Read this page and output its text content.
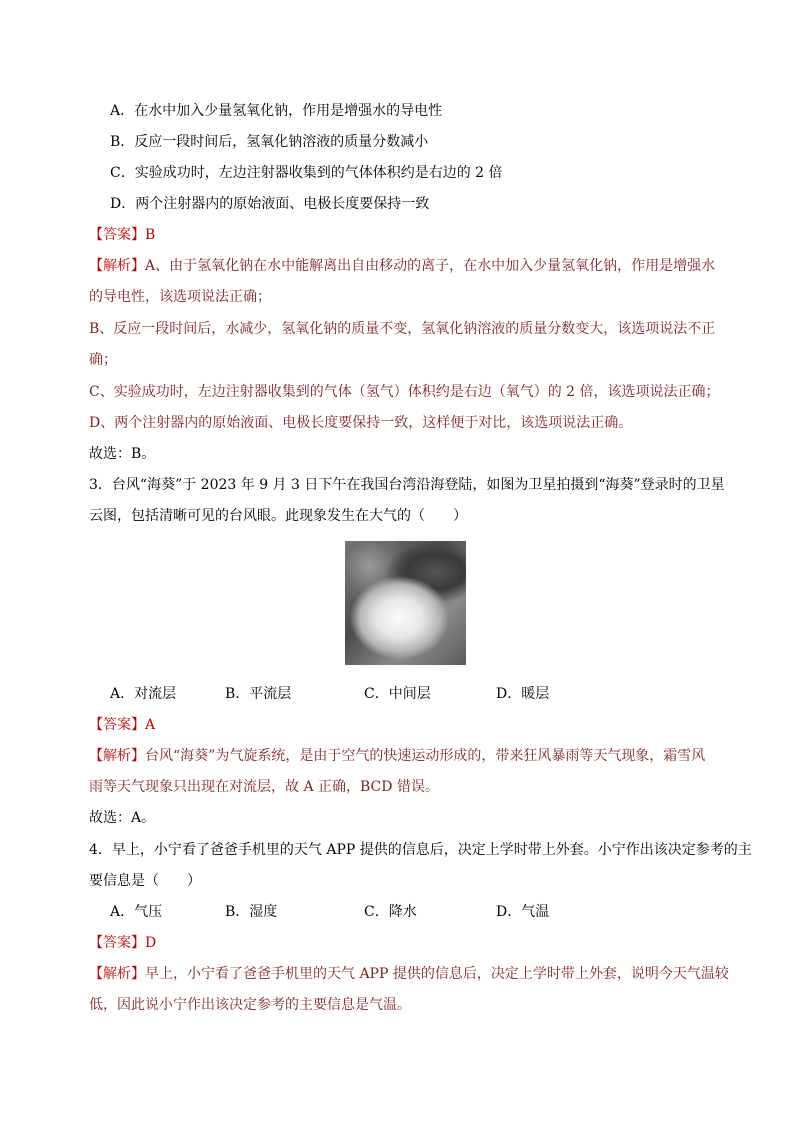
A．在水中加入少量氢氧化钠，作用是增强水的导电性
B．反应一段时间后，氢氧化钠溶液的质量分数减小
C．实验成功时，左边注射器收集到的气体体积约是右边的 2 倍
D．两个注射器内的原始液面、电极长度要保持一致
【答案】B
【解析】A、由于氢氧化钠在水中能解离出自由移动的离子，在水中加入少量氢氧化钠，作用是增强水
的导电性，该选项说法正确；
B、反应一段时间后，水减少，氢氧化钠的质量不变，氢氧化钠溶液的质量分数变大，该选项说法不正
确；
C、实验成功时，左边注射器收集到的气体（氢气）体积约是右边（氧气）的 2 倍，该选项说法正确；
D、两个注射器内的原始液面、电极长度要保持一致，这样便于对比，该选项说法正确。
故选：B。
3．台风“海葵”于 2023 年 9 月 3 日下午在我国台湾沿海登陆，如图为卫星拍摄到“海葵”登录时的卫星
云图，包括清晰可见的台风眼。此现象发生在大气的（　　）
A．对流层	B．平流层	C．中间层	D．暖层
【答案】A
【解析】台风“海葵”为气旋系统，是由于空气的快速运动形成的，带来狂风暴雨等天气现象，霜雪风
雨等天气现象只出现在对流层，故 A 正确，BCD 错误。
故选：A。
4．早上，小宁看了爸爸手机里的天气 APP 提供的信息后，决定上学时带上外套。小宁作出该决定参考的主
要信息是（　　）
A．气压	B．湿度	C．降水	D．气温
【答案】D
【解析】早上，小宁看了爸爸手机里的天气 APP 提供的信息后，决定上学时带上外套，说明今天气温较
低，因此说小宁作出该决定参考的主要信息是气温。
